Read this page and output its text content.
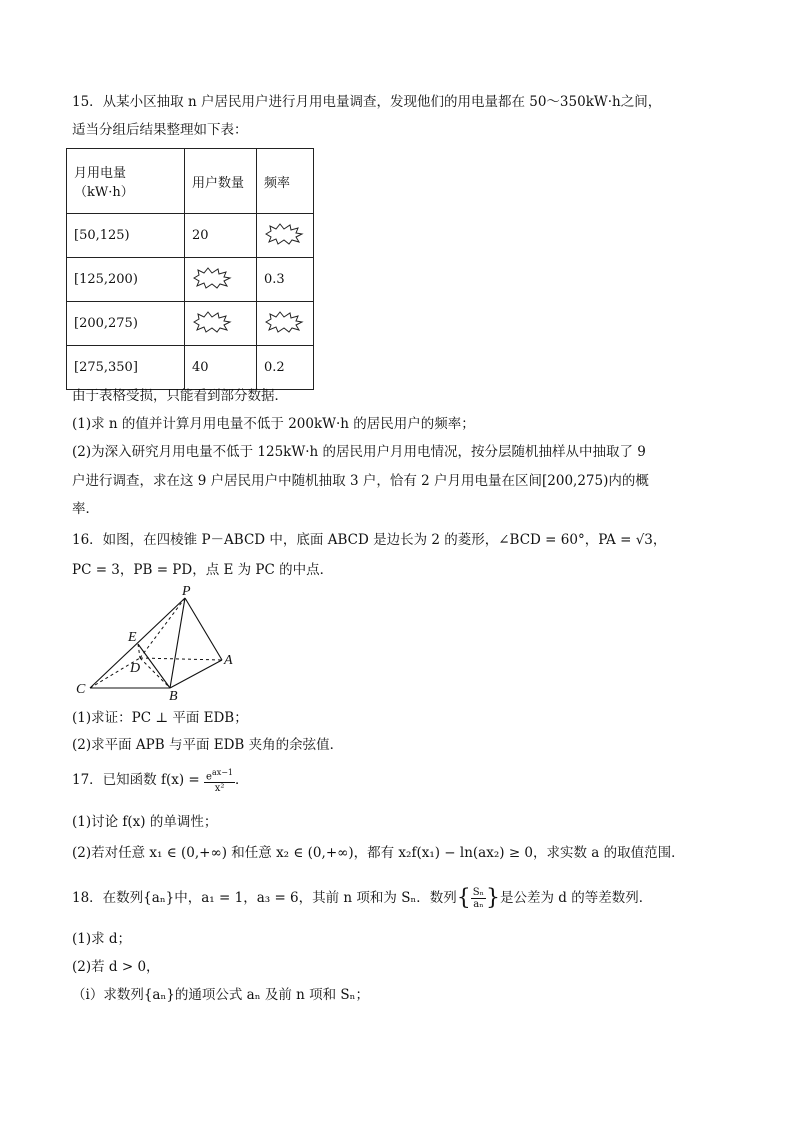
15．从某小区抽取 n 户居民用户进行月用电量调查，发现他们的用电量都在 50～350kW·h之间，
适当分组后结果整理如下表：
月用电量（kW·h）	用户数量	频率
[50,125)	20	
[125,200)		0.3
[200,275)		
[275,350]	40	0.2
由于表格受损，只能看到部分数据．
(1)求 n 的值并计算月用电量不低于 200kW·h 的居民用户的频率；
(2)为深入研究月用电量不低于 125kW·h 的居民用户月用电情况，按分层随机抽样从中抽取了 9
户进行调查，求在这 9 户居民用户中随机抽取 3 户，恰有 2 户月用电量在区间[200,275)内的概
率．
16．如图，在四棱锥 P－ABCD 中，底面 ABCD 是边长为 2 的菱形，∠BCD = 60°，PA = √3，
PC = 3，PB = PD，点 E 为 PC 的中点．
P
E
D
A
C	B
(1)求证：PC ⊥ 平面 EDB；
(2)求平面 APB 与平面 EDB 夹角的余弦值．
17．已知函数 $f(x) = \frac{e^{ax-1}}{\text{x²}}$ ．
(1)讨论 f(x) 的单调性；
(2)若对任意 x₁ ∈ (0,+∞) 和任意 x₂ ∈ (0,+∞)，都有 x₂f(x₁) − ln(ax₂) ≥ 0，求实数 a 的取值范围．
18．在数列{aₙ}中，a₁ = 1，a₃ = 6，其前 n 项和为 Sₙ．数列{ $\frac{\text{Sₙ}}{\text{aₙ}}$ }是公差为 d 的等差数列．
(1)求 d；
(2)若 d > 0，
（ⅰ）求数列{aₙ}的通项公式 aₙ 及前 n 项和 Sₙ；
